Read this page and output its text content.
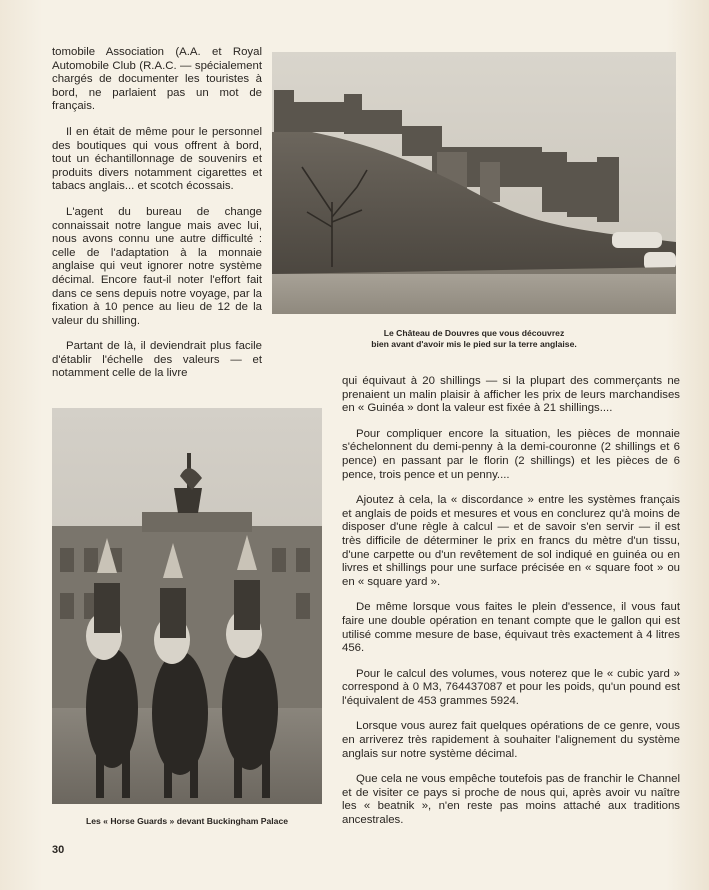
tomobile Association (A.A. et Royal Automobile Club (R.A.C. — spécialement chargés de documenter les touristes à bord, ne parlaient pas un mot de français.

Il en était de même pour le personnel des boutiques qui vous offrent à bord, tout un échantillonnage de souvenirs et produits divers notamment cigarettes et tabacs anglais... et scotch écossais.

L'agent du bureau de change connaissait notre langue mais avec lui, nous avons connu une autre difficulté : celle de l'adaptation à la monnaie anglaise qui veut ignorer notre système décimal. Encore faut-il noter l'effort fait dans ce sens depuis notre voyage, par la fixation à 10 pence au lieu de 12 de la valeur du shilling.

Partant de là, il deviendrait plus facile d'établir l'échelle des valeurs — et notamment celle de la livre

Le Château de Douvres que vous découvrez
bien avant d'avoir mis le pied sur la terre anglaise.
Les « Horse Guards » devant Buckingham Palace

qui équivaut à 20 shillings — si la plupart des commerçants ne prenaient un malin plaisir à afficher les prix de leurs marchandises en « Guinéa » dont la valeur est fixée à 21 shillings....

Pour compliquer encore la situation, les pièces de monnaie s'échelonnent du demi-penny à la demi-couronne (2 shillings et 6 pence) en passant par le florin (2 shillings) et les pièces de 6 pence, trois pence et un penny....

Ajoutez à cela, la « discordance » entre les systèmes français et anglais de poids et mesures et vous en conclurez qu'à moins de disposer d'une règle à calcul — et de savoir s'en servir — il est très difficile de déterminer le prix en francs du mètre d'un tissu, d'une carpette ou d'un revêtement de sol indiqué en guinéa ou en livres et shillings pour une surface précisée en « square foot » ou en « square yard ».

De même lorsque vous faites le plein d'essence, il vous faut faire une double opération en tenant compte que le gallon qui est utilisé comme mesure de base, équivaut très exactement à 4 litres 456.

Pour le calcul des volumes, vous noterez que le « cubic yard » correspond à 0 M3, 764437087 et pour les poids, qu'un pound est l'équivalent de 453 grammes 5924.

Lorsque vous aurez fait quelques opérations de ce genre, vous en arriverez très rapidement à souhaiter l'alignement du système anglais sur notre système décimal.

Que cela ne vous empêche toutefois pas de franchir le Channel et de visiter ce pays si proche de nous qui, après avoir vu naître les « beatnik », n'en reste pas moins attaché aux traditions ancestrales.

30
